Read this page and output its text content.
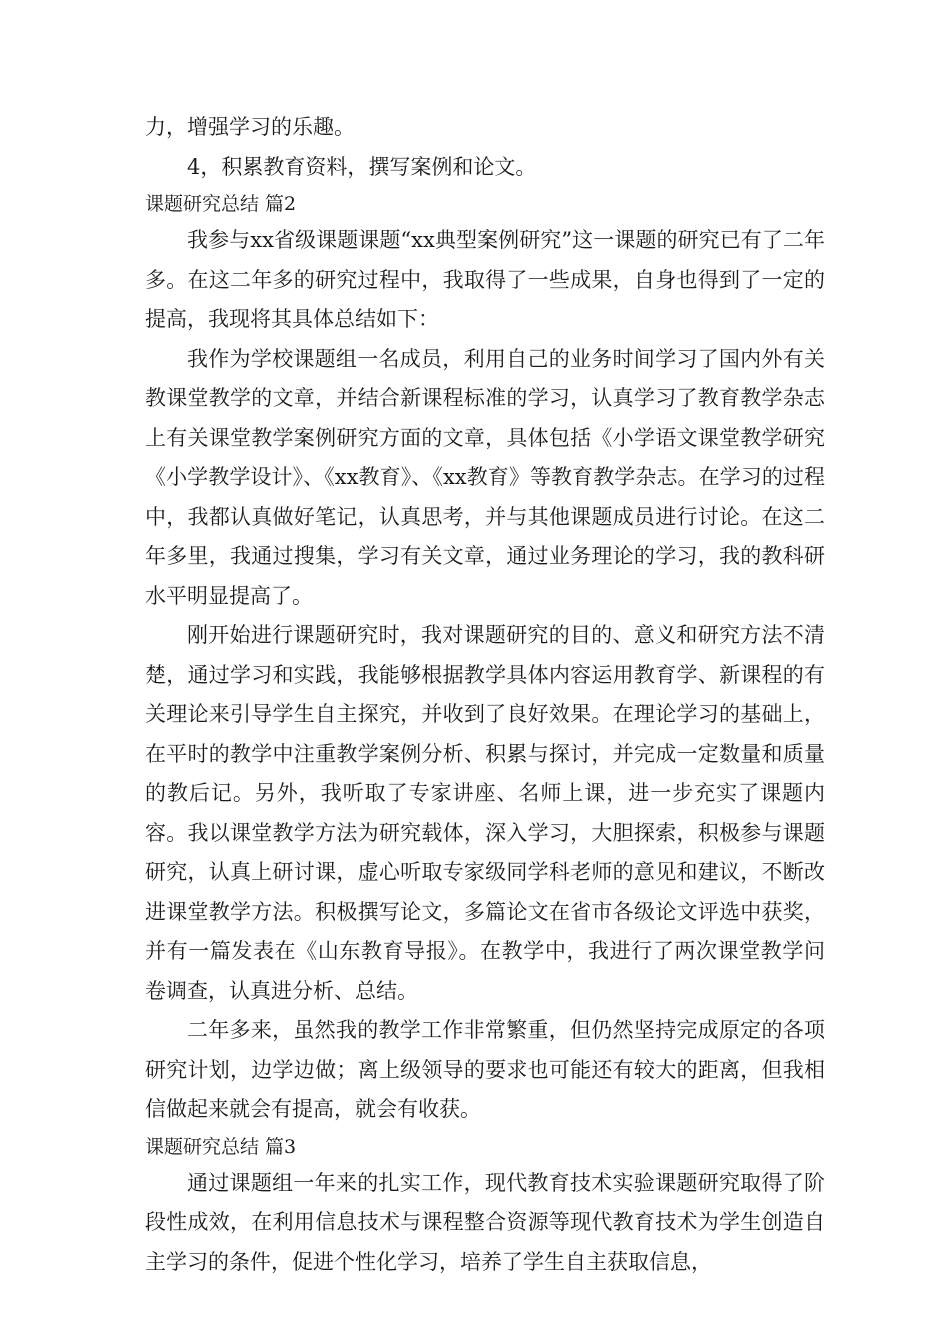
力，增强学习的乐趣。

4，积累教育资料，撰写案例和论文。

课题研究总结 篇2

我参与xx省级课题课题“xx典型案例研究”这一课题的研究已有了二年多。在这二年多的研究过程中，我取得了一些成果，自身也得到了一定的提高，我现将其具体总结如下：

我作为学校课题组一名成员，利用自己的业务时间学习了国内外有关教课堂教学的文章，并结合新课程标准的学习，认真学习了教育教学杂志上有关课堂教学案例研究方面的文章，具体包括《小学语文课堂教学研究《小学教学设计》、《xx教育》、《xx教育》等教育教学杂志。在学习的过程中，我都认真做好笔记，认真思考，并与其他课题成员进行讨论。在这二年多里，我通过搜集，学习有关文章，通过业务理论的学习，我的教科研水平明显提高了。

刚开始进行课题研究时，我对课题研究的目的、意义和研究方法不清楚，通过学习和实践，我能够根据教学具体内容运用教育学、新课程的有关理论来引导学生自主探究，并收到了良好效果。在理论学习的基础上，在平时的教学中注重教学案例分析、积累与探讨，并完成一定数量和质量的教后记。另外，我听取了专家讲座、名师上课，进一步充实了课题内容。我以课堂教学方法为研究载体，深入学习，大胆探索，积极参与课题研究，认真上研讨课，虚心听取专家级同学科老师的意见和建议，不断改进课堂教学方法。积极撰写论文，多篇论文在省市各级论文评选中获奖，并有一篇发表在《山东教育导报》。在教学中，我进行了两次课堂教学问卷调查，认真进分析、总结。

二年多来，虽然我的教学工作非常繁重，但仍然坚持完成原定的各项研究计划，边学边做；离上级领导的要求也可能还有较大的距离，但我相信做起来就会有提高，就会有收获。

课题研究总结 篇3

通过课题组一年来的扎实工作，现代教育技术实验课题研究取得了阶段性成效，在利用信息技术与课程整合资源等现代教育技术为学生创造自主学习的条件，促进个性化学习，培养了学生自主获取信息，
